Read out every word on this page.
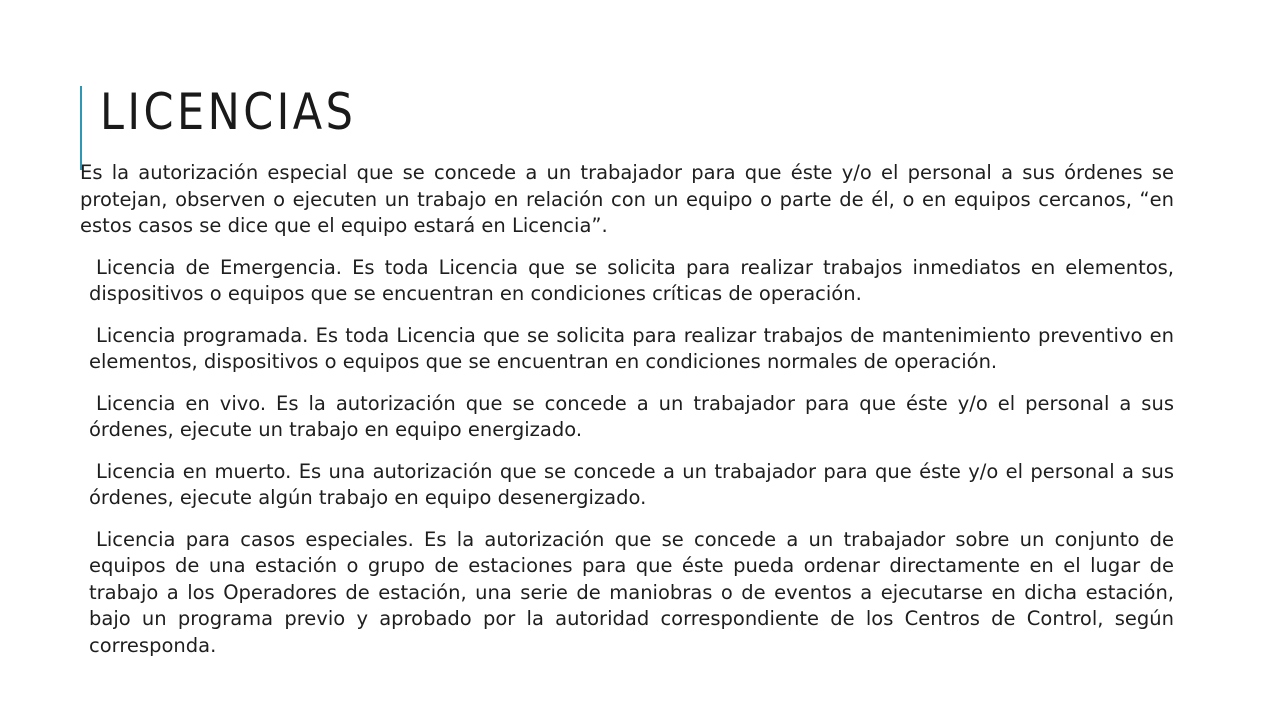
LICENCIAS

Es la autorización especial que se concede a un trabajador para que éste y/o el personal a sus órdenes se protejan, observen o ejecuten un trabajo en relación con un equipo o parte de él, o en equipos cercanos, “en estos casos se dice que el equipo estará en Licencia”.

Licencia de Emergencia. Es toda Licencia que se solicita para realizar trabajos inmediatos en elementos, dispositivos o equipos que se encuentran en condiciones críticas de operación.

Licencia programada. Es toda Licencia que se solicita para realizar trabajos de mantenimiento preventivo en elementos, dispositivos o equipos que se encuentran en condiciones normales de operación.

Licencia en vivo. Es la autorización que se concede a un trabajador para que éste y/o el personal a sus órdenes, ejecute un trabajo en equipo energizado.

Licencia en muerto. Es una autorización que se concede a un trabajador para que éste y/o el personal a sus órdenes, ejecute algún trabajo en equipo desenergizado.

Licencia para casos especiales. Es la autorización que se concede a un trabajador sobre un conjunto de equipos de una estación o grupo de estaciones para que éste pueda ordenar directamente en el lugar de trabajo a los Operadores de estación, una serie de maniobras o de eventos a ejecutarse en dicha estación, bajo un programa previo y aprobado por la autoridad correspondiente de los Centros de Control, según corresponda.
